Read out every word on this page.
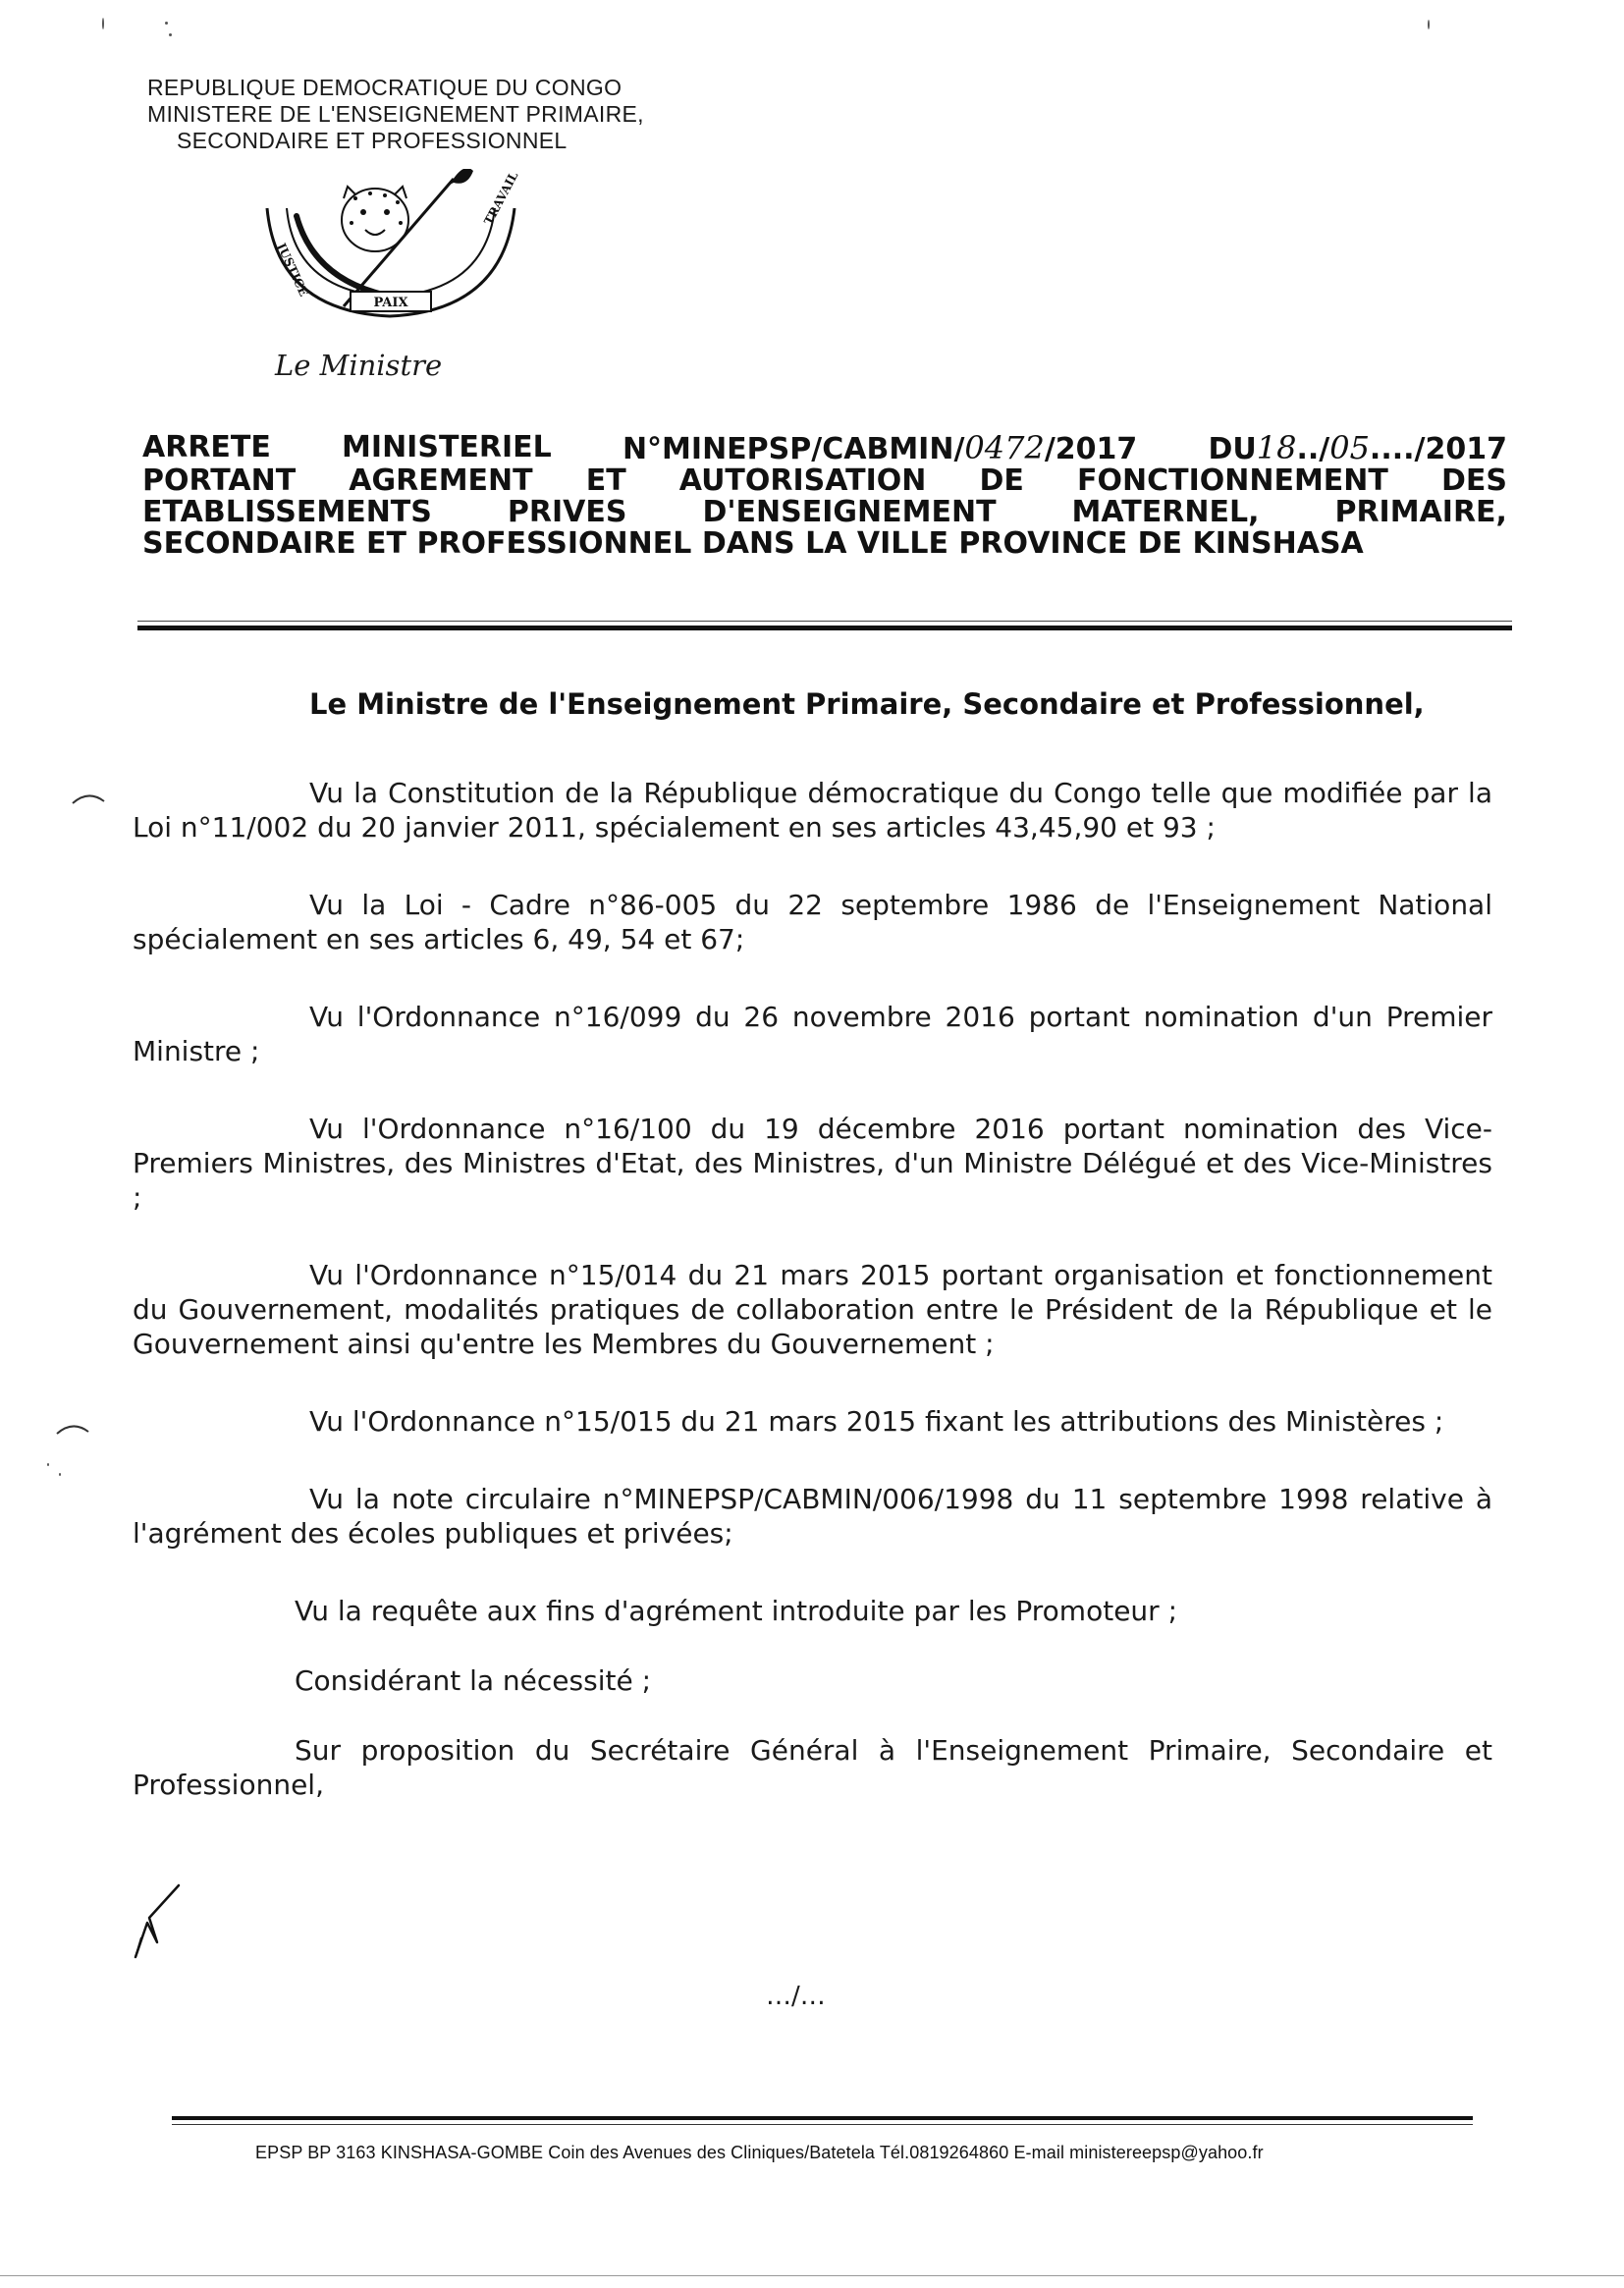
REPUBLIQUE DEMOCRATIQUE DU CONGO
MINISTERE DE L'ENSEIGNEMENT PRIMAIRE,
SECONDAIRE ET PROFESSIONNEL
PAIX
JUSTICE
TRAVAIL
Le Ministre
ARRETE MINISTERIEL N°MINEPSP/CABMIN/0472/2017 DU18../05..../2017
PORTANT AGREMENT ET AUTORISATION DE FONCTIONNEMENT DES
ETABLISSEMENTS	PRIVES	D'ENSEIGNEMENT	MATERNEL,	PRIMAIRE,
SECONDAIRE ET PROFESSIONNEL DANS LA VILLE PROVINCE DE KINSHASA
Le Ministre de l'Enseignement Primaire, Secondaire et Professionnel,

Vu la Constitution de la République démocratique du Congo telle que modifiée par la Loi n°11/002 du 20 janvier 2011, spécialement en ses articles 43,45,90 et 93 ;

Vu la Loi - Cadre n°86-005 du 22 septembre 1986 de l'Enseignement National spécialement en ses articles 6, 49, 54 et 67;

Vu l'Ordonnance n°16/099 du 26 novembre 2016 portant nomination d'un Premier Ministre ;

Vu l'Ordonnance n°16/100 du 19 décembre 2016 portant nomination des Vice-Premiers Ministres, des Ministres d'Etat, des Ministres, d'un Ministre Délégué et des Vice-Ministres ;

Vu l'Ordonnance n°15/014 du 21 mars 2015 portant organisation et fonctionnement du Gouvernement, modalités pratiques de collaboration entre le Président de la République et le Gouvernement ainsi qu'entre les Membres du Gouvernement ;

Vu l'Ordonnance n°15/015 du 21 mars 2015 fixant les attributions des Ministères ;

Vu la note circulaire n°MINEPSP/CABMIN/006/1998 du 11 septembre 1998 relative à l'agrément des écoles publiques et privées;

Vu la requête aux fins d'agrément introduite par les Promoteur ;

Considérant la nécessité ;

Sur proposition du Secrétaire Général à l'Enseignement Primaire, Secondaire et Professionnel,

…/…
EPSP BP 3163 KINSHASA-GOMBE Coin des Avenues des Cliniques/Batetela Tél.0819264860 E-mail ministereepsp@yahoo.fr
